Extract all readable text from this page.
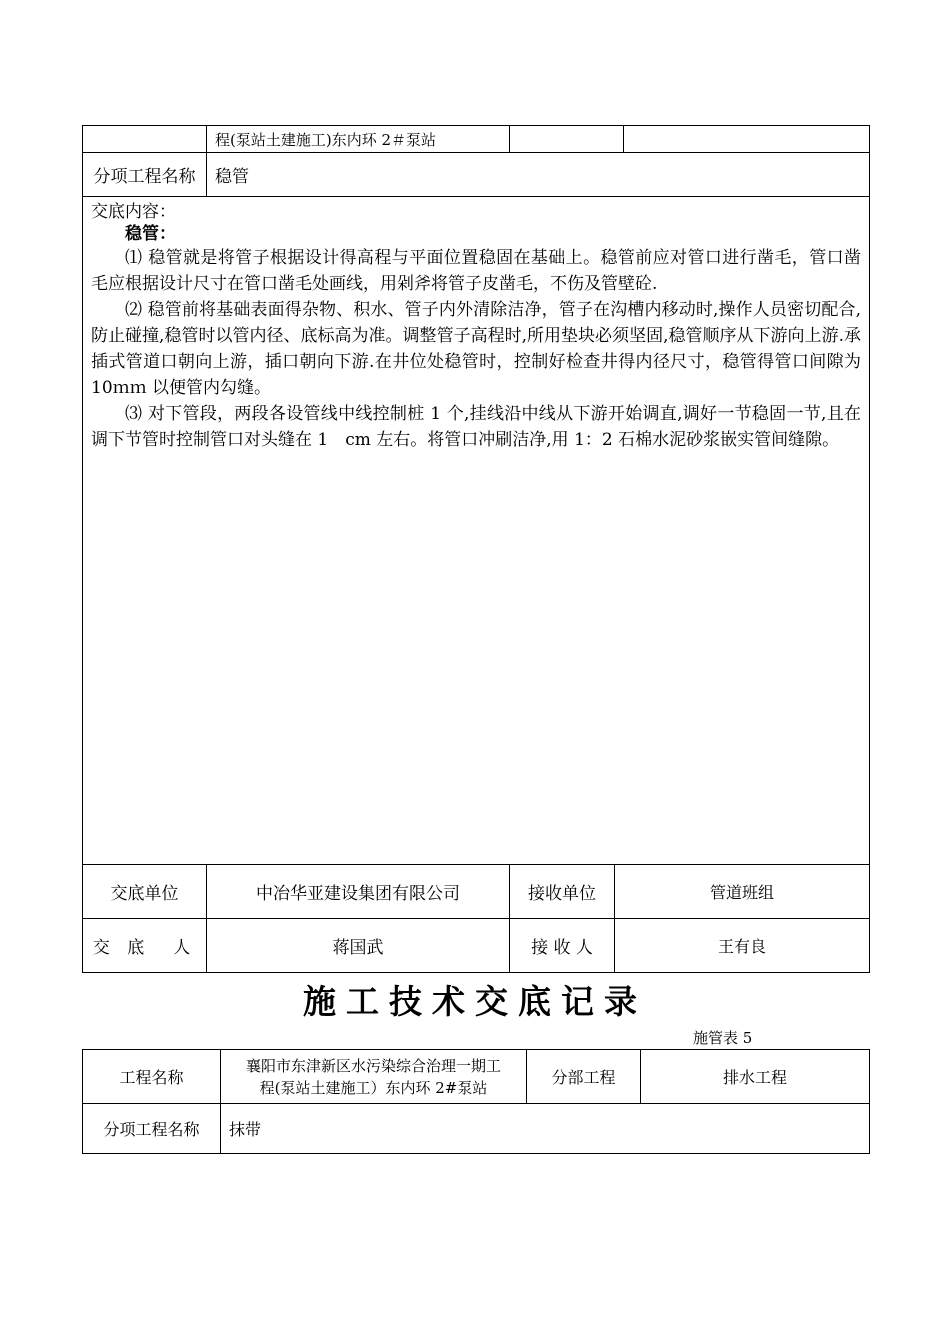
	程(泵站土建施工)东内环 2＃泵站			
分项工程名称	稳管			

交底内容：

稳管：

⑴ 稳管就是将管子根据设计得高程与平面位置稳固在基础上。稳管前应对管口进行凿毛，管口凿毛应根据设计尺寸在管口凿毛处画线，用剁斧将管子皮凿毛，不伤及管壁砼.

⑵ 稳管前将基础表面得杂物、积水、管子内外清除洁净，管子在沟槽内移动时,操作人员密切配合,防止碰撞,稳管时以管内径、底标高为准。调整管子高程时,所用垫块必须坚固,稳管顺序从下游向上游.承插式管道口朝向上游，插口朝向下游.在井位处稳管时，控制好检查井得内径尺寸，稳管得管口间隙为 10ｍｍ 以便管内勾缝。

⑶ 对下管段，两段各设管线中线控制桩 1 个,挂线沿中线从下游开始调直,调好一节稳固一节,且在调下节管时控制管口对头缝在 1　cm 左右。将管口冲刷洁净,用 1：2 石棉水泥砂浆嵌实管间缝隙。				

交底单位	中冶华亚建设集团有限公司	接收单位	管道班组	
交 底　人	蒋国武	接 收 人	王有良	
施工技术交底记录
施管表 5
工程名称	襄阳市东津新区水污染综合治理一期工
程(泵站土建施工）东内环 2#泵站	分部工程	排水工程
分项工程名称	抹带		
